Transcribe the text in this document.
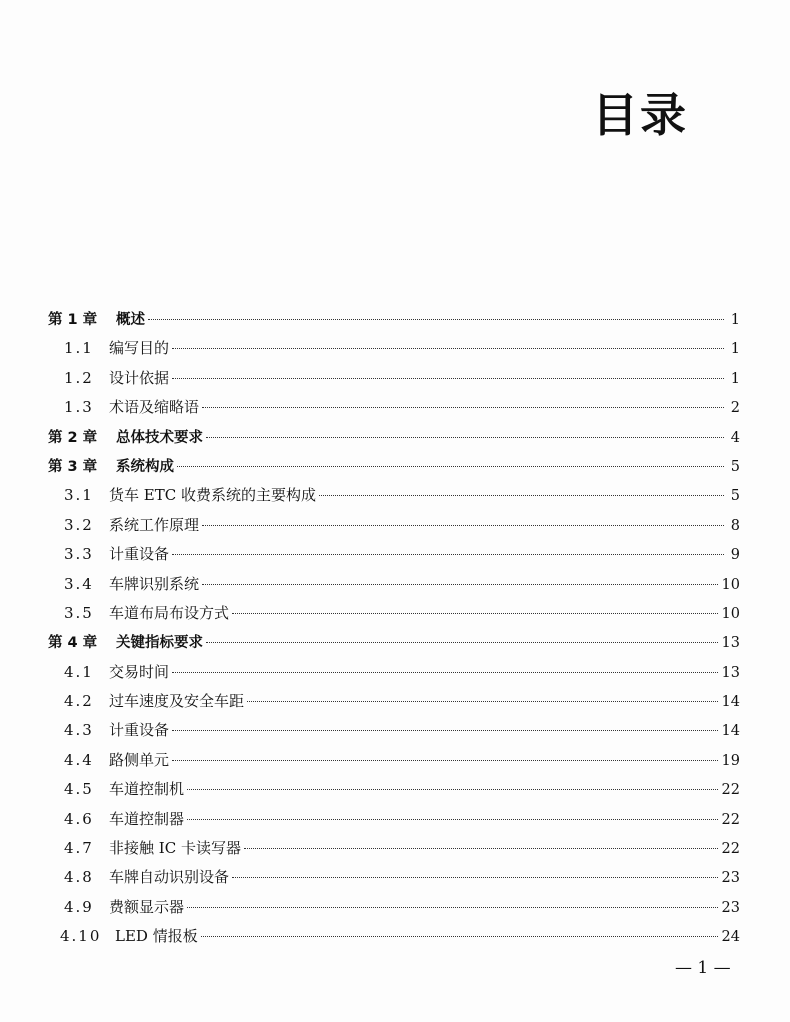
目录
第 1 章	概述	1
1.1	编写目的	1
1.2	设计依据	1
1.3	术语及缩略语	2
第 2 章	总体技术要求	4
第 3 章	系统构成	5
3.1	货车 ETC 收费系统的主要构成	5
3.2	系统工作原理	8
3.3	计重设备	9
3.4	车牌识别系统	10
3.5	车道布局布设方式	10
第 4 章	关键指标要求	13
4.1	交易时间	13
4.2	过车速度及安全车距	14
4.3	计重设备	14
4.4	路侧单元	19
4.5	车道控制机	22
4.6	车道控制器	22
4.7	非接触 IC 卡读写器	22
4.8	车牌自动识别设备	23
4.9	费额显示器	23
4.10 LED 情报板	24
— 1 —
